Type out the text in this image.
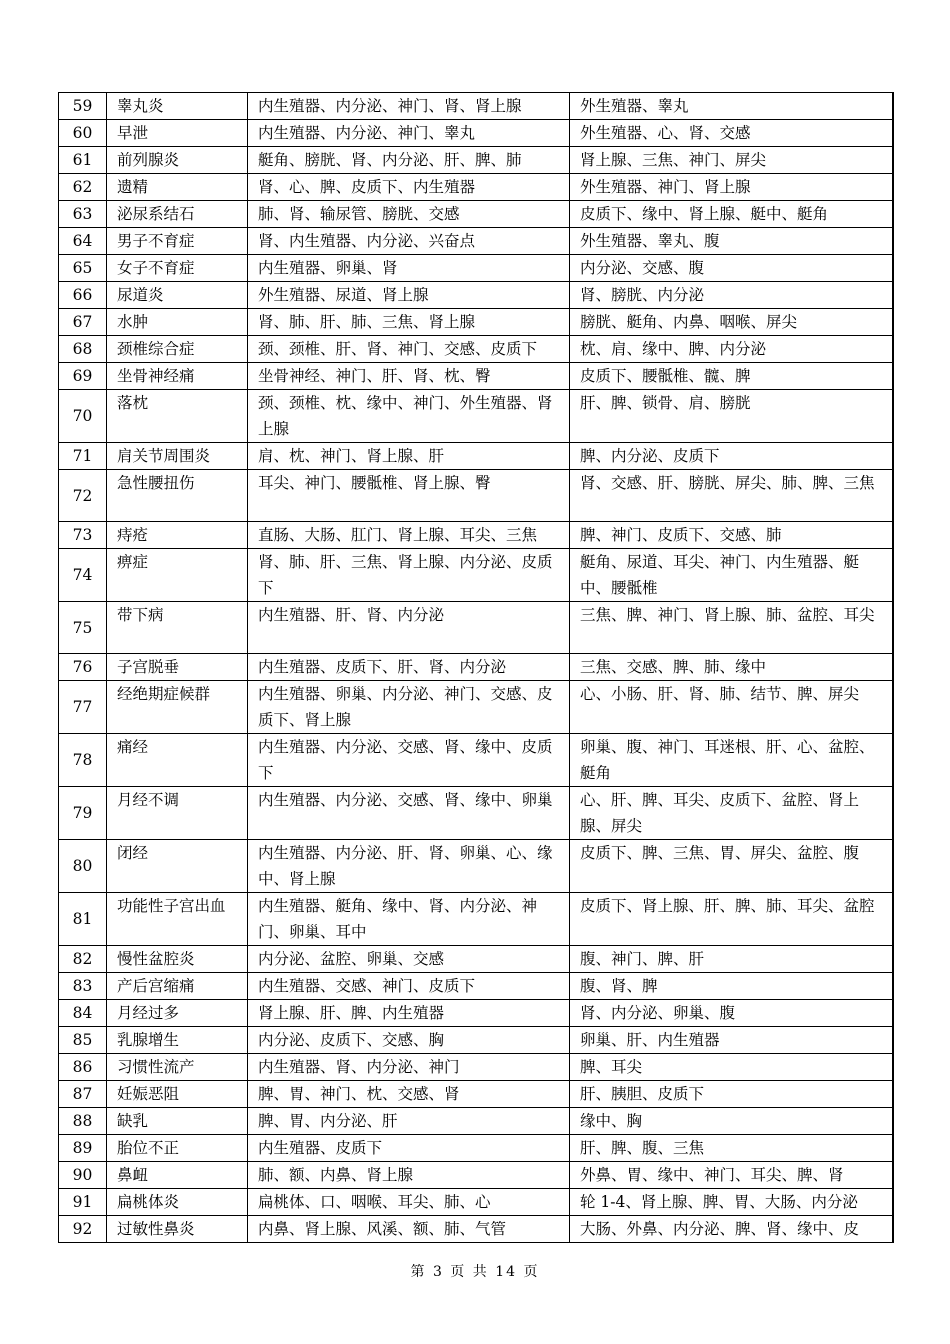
59	睾丸炎	内生殖器、内分泌、神门、肾、肾上腺	外生殖器、睾丸
60	早泄	内生殖器、内分泌、神门、睾丸	外生殖器、心、肾、交感
61	前列腺炎	艇角、膀胱、肾、内分泌、肝、脾、肺	肾上腺、三焦、神门、屏尖
62	遗精	肾、心、脾、皮质下、内生殖器	外生殖器、神门、肾上腺
63	泌尿系结石	肺、肾、输尿管、膀胱、交感	皮质下、缘中、肾上腺、艇中、艇角
64	男子不育症	肾、内生殖器、内分泌、兴奋点	外生殖器、睾丸、腹
65	女子不育症	内生殖器、卵巢、肾	内分泌、交感、腹
66	尿道炎	外生殖器、尿道、肾上腺	肾、膀胱、内分泌
67	水肿	肾、肺、肝、肺、三焦、肾上腺	膀胱、艇角、内鼻、咽喉、屏尖
68	颈椎综合症	颈、颈椎、肝、肾、神门、交感、皮质下	枕、肩、缘中、脾、内分泌
69	坐骨神经痛	坐骨神经、神门、肝、肾、枕、臀	皮质下、腰骶椎、髋、脾
70	落枕	颈、颈椎、枕、缘中、神门、外生殖器、肾上腺	肝、脾、锁骨、肩、膀胱
71	肩关节周围炎	肩、枕、神门、肾上腺、肝	脾、内分泌、皮质下
72	急性腰扭伤	耳尖、神门、腰骶椎、肾上腺、臀	肾、交感、肝、膀胱、屏尖、肺、脾、三焦
73	痔疮	直肠、大肠、肛门、肾上腺、耳尖、三焦	脾、神门、皮质下、交感、肺
74	痹症	肾、肺、肝、三焦、肾上腺、内分泌、皮质下	艇角、尿道、耳尖、神门、内生殖器、艇中、腰骶椎
75	带下病	内生殖器、肝、肾、内分泌	三焦、脾、神门、肾上腺、肺、盆腔、耳尖
76	子宫脱垂	内生殖器、皮质下、肝、肾、内分泌	三焦、交感、脾、肺、缘中
77	经绝期症候群	内生殖器、卵巢、内分泌、神门、交感、皮质下、肾上腺	心、小肠、肝、肾、肺、结节、脾、屏尖
78	痛经	内生殖器、内分泌、交感、肾、缘中、皮质下	卵巢、腹、神门、耳迷根、肝、心、盆腔、艇角
79	月经不调	内生殖器、内分泌、交感、肾、缘中、卵巢	心、肝、脾、耳尖、皮质下、盆腔、肾上腺、屏尖
80	闭经	内生殖器、内分泌、肝、肾、卵巢、心、缘中、肾上腺	皮质下、脾、三焦、胃、屏尖、盆腔、腹
81	功能性子宫出血	内生殖器、艇角、缘中、肾、内分泌、神门、卵巢、耳中	皮质下、肾上腺、肝、脾、肺、耳尖、盆腔
82	慢性盆腔炎	内分泌、盆腔、卵巢、交感	腹、神门、脾、肝
83	产后宫缩痛	内生殖器、交感、神门、皮质下	腹、肾、脾
84	月经过多	肾上腺、肝、脾、内生殖器	肾、内分泌、卵巢、腹
85	乳腺增生	内分泌、皮质下、交感、胸	卵巢、肝、内生殖器
86	习惯性流产	内生殖器、肾、内分泌、神门	脾、耳尖
87	妊娠恶阻	脾、胃、神门、枕、交感、肾	肝、胰胆、皮质下
88	缺乳	脾、胃、内分泌、肝	缘中、胸
89	胎位不正	内生殖器、皮质下	肝、脾、腹、三焦
90	鼻衄	肺、额、内鼻、肾上腺	外鼻、胃、缘中、神门、耳尖、脾、肾
91	扁桃体炎	扁桃体、口、咽喉、耳尖、肺、心	轮 1-4、肾上腺、脾、胃、大肠、内分泌
92	过敏性鼻炎	内鼻、肾上腺、风溪、额、肺、气管	大肠、外鼻、内分泌、脾、肾、缘中、皮
第 3 页 共 14 页
